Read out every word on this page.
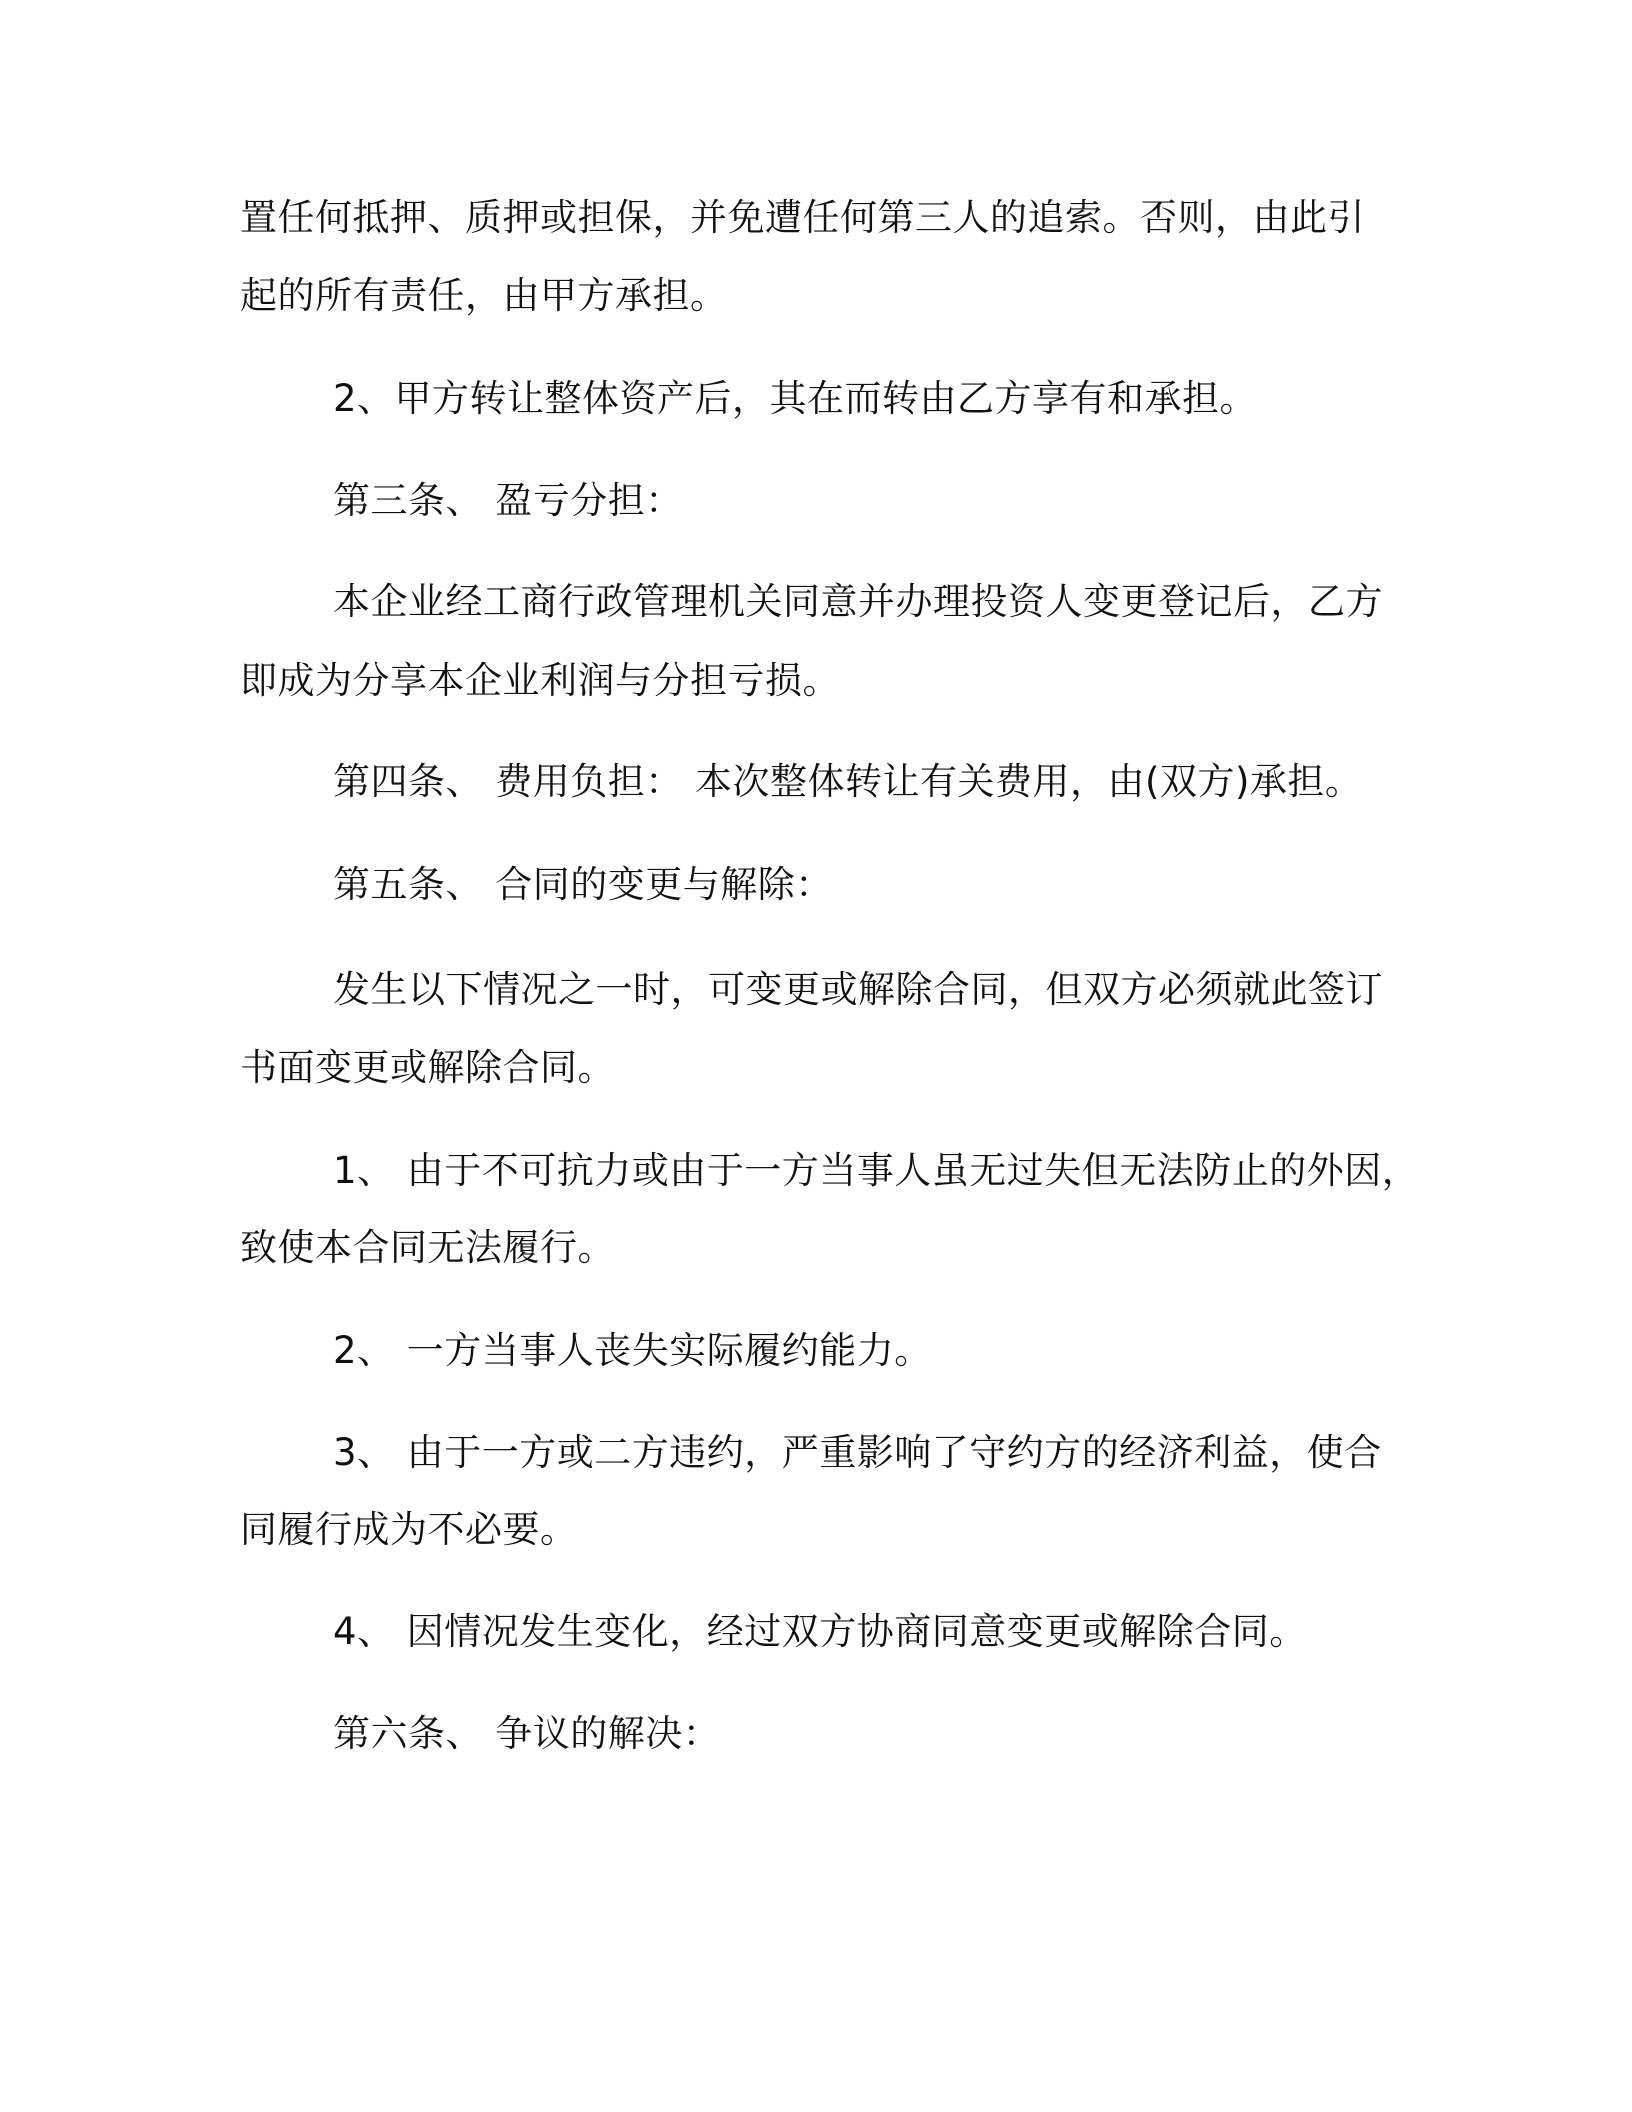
置任何抵押、质押或担保，并免遭任何第三人的追索。否则，由此引
起的所有责任，由甲方承担。
2、甲方转让整体资产后，其在而转由乙方享有和承担。
第三条、 盈亏分担：
本企业经工商行政管理机关同意并办理投资人变更登记后，乙方
即成为分享本企业利润与分担亏损。
第四条、 费用负担： 本次整体转让有关费用，由(双方)承担。
第五条、 合同的变更与解除：
发生以下情况之一时，可变更或解除合同，但双方必须就此签订
书面变更或解除合同。
1、 由于不可抗力或由于一方当事人虽无过失但无法防止的外因，
致使本合同无法履行。
2、 一方当事人丧失实际履约能力。
3、 由于一方或二方违约，严重影响了守约方的经济利益，使合
同履行成为不必要。
4、 因情况发生变化，经过双方协商同意变更或解除合同。
第六条、 争议的解决：
